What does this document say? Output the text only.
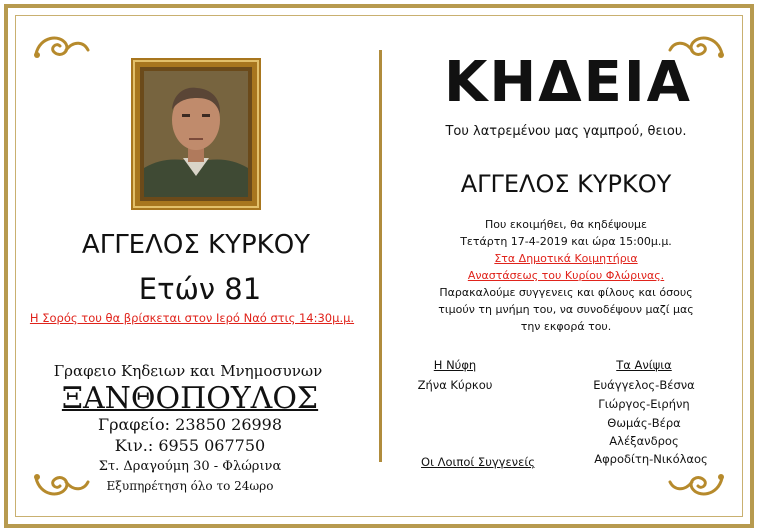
ΑΓΓΕΛΟΣ ΚΥΡΚΟΥ
Ετών 81
Η Σορός του θα βρίσκεται στον Ιερό Ναό στις 14:30μ.μ.
Γραφειο Κηδειων και Μνημοσυνων
ΞΑΝΘΟΠΟΥΛΟΣ
Γραφείο: 23850 26998
Κιν.: 6955 067750
Στ. Δραγούμη 30 - Φλώρινα
Εξυπηρέτηση όλο το 24ωρο
ΚΗΔΕΙΑ
Του λατρεμένου μας γαμπρού, θειου.
ΑΓΓΕΛΟΣ ΚΥΡΚΟΥ
Που εκοιμήθει, θα κηδέψουμε
Τετάρτη 17-4-2019 και ώρα 15:00μ.μ.
Στα Δημοτικά Κοιμητήρια
Αναστάσεως του Κυρίου Φλώρινας.
Παρακαλούμε συγγενεις και φίλους και όσους
τιμούν τη μνήμη του, να συνοδέψουν μαζί μας
την εκφορά του.
Η Νύφη
Ζήνα Κύρκου
Οι Λοιποί Συγγενείς
Τα Ανίψια
Ευάγγελος-Βέσνα
Γιώργος-Ειρήνη
Θωμάς-Βέρα
Αλέξανδρος
Αφροδίτη-Νικόλαος
